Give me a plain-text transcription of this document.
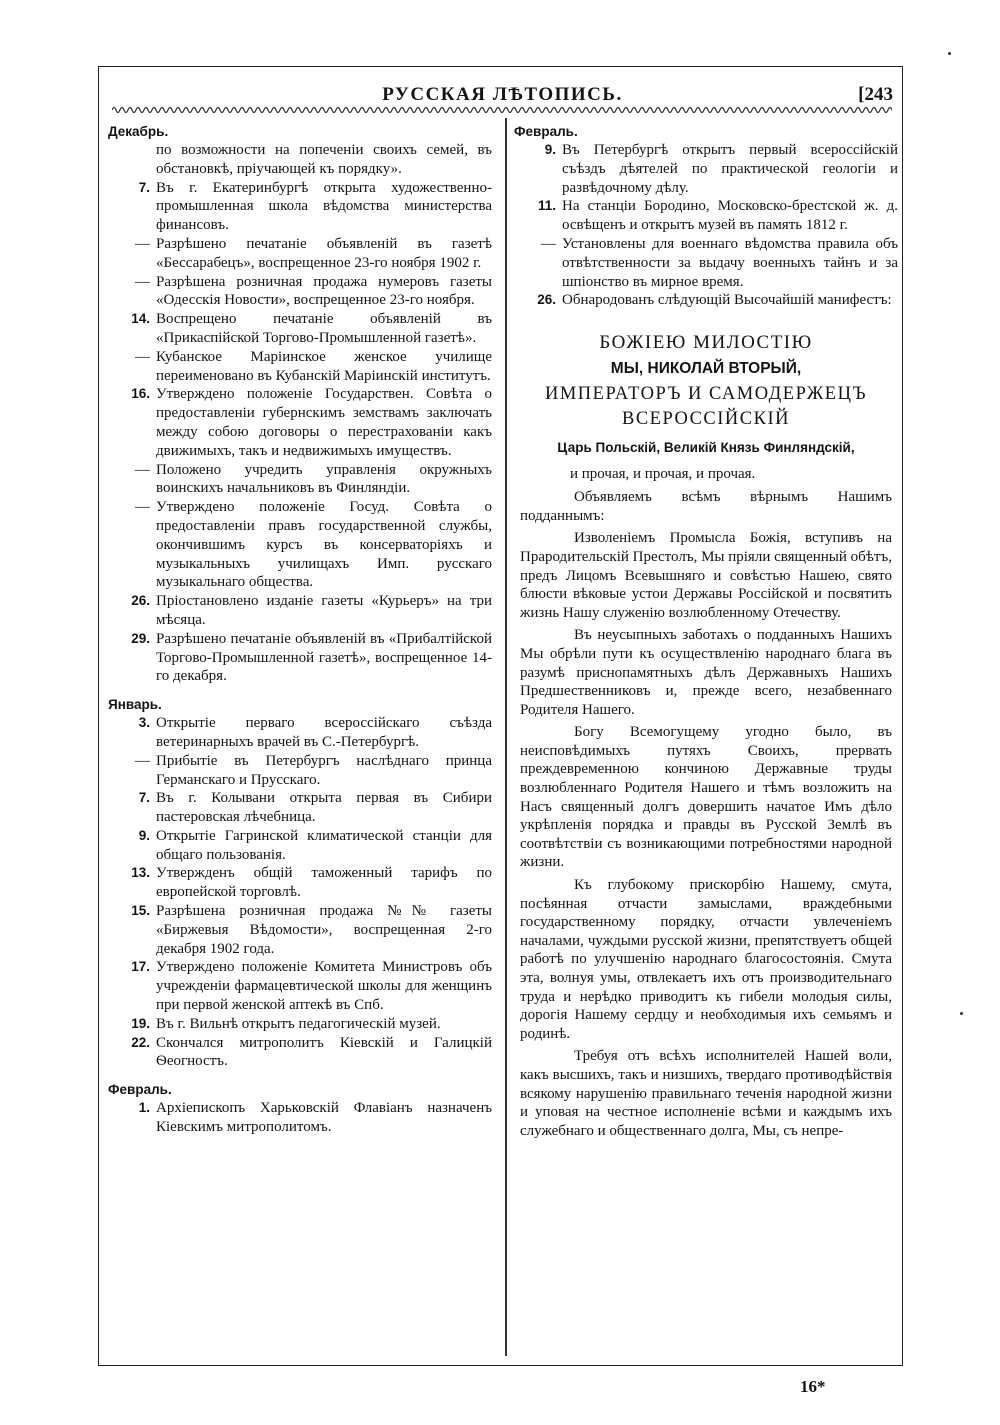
РУССКАЯ ЛѢТОПИСЬ.	[243
Декабрь.
по возможности на попеченіи своихъ семей, въ обстановкѣ, пріучающей къ порядку».
7. Въ г. Екатеринбургѣ открыта художественно-промышленная школа вѣдомства министерства финансовъ.
— Разрѣшено печатаніе объявленій въ газетѣ «Бессарабецъ», воспрещенное 23-го ноября 1902 г.
— Разрѣшена розничная продажа нумеровъ газеты «Одесскія Новости», воспрещенное 23-го ноября.
14. Воспрещено печатаніе объявленій въ «Прикаспійской Торгово-Промышленной газетѣ».
— Кубанское Маріинское женское училище переименовано въ Кубанскій Маріинскій институтъ.
16. Утверждено положеніе Государствен. Совѣта о предоставленіи губернскимъ земствамъ заключать между собою договоры о перестрахованіи какъ движимыхъ, такъ и недвижимыхъ имуществъ.
— Положено учредить управленія окружныхъ воинскихъ начальниковъ въ Финляндіи.
— Утверждено положеніе Госуд. Совѣта о предоставленіи правъ государственной службы, окончившимъ курсъ въ консерваторіяхъ и музыкальныхъ училищахъ Имп. русскаго музыкальнаго общества.
26. Пріостановлено изданіе газеты «Курьеръ» на три мѣсяца.
29. Разрѣшено печатаніе объявленій въ «Прибалтійской Торгово-Промышленной газетѣ», воспрещенное 14-го декабря.
Январь.
3. Открытіе перваго всероссійскаго съѣзда ветеринарныхъ врачей въ С.-Петербургѣ.
— Прибытіе въ Петербургъ наслѣднаго принца Германскаго и Прусскаго.
7. Въ г. Колывани открыта первая въ Сибири пастеровская лѣчебница.
9. Открытіе Гагринской климатической станціи для общаго пользованія.
13. Утвержденъ общій таможенный тарифъ по европейской торговлѣ.
15. Разрѣшена розничная продажа №№ газеты «Биржевыя Вѣдомости», воспрещенная 2-го декабря 1902 года.
17. Утверждено положеніе Комитета Министровъ объ учрежденіи фармацевтической школы для женщинъ при первой женской аптекѣ въ Спб.
19. Въ г. Вильнѣ открытъ педагогическій музей.
22. Скончался митрополитъ Кіевскій и Галицкій Ѳеогностъ.
Февраль.
1. Архіепископъ Харьковскій Флавіанъ назначенъ Кіевскимъ митрополитомъ.
Февраль.
9. Въ Петербургѣ открытъ первый всероссійскій съѣздъ дѣятелей по практической геологіи и развѣдочному дѣлу.
11. На станціи Бородино, Московско-брестской ж. д. освѣщенъ и открытъ музей въ память 1812 г.
— Установлены для военнаго вѣдомства правила объ отвѣтственности за выдачу военныхъ тайнъ и за шпіонство въ мирное время.
26. Обнародованъ слѣдующій Высочайшій манифестъ:
БОЖІЕЮ МИЛОСТІЮ
МЫ, НИКОЛАЙ ВТОРЫЙ,
ИМПЕРАТОРЪ И САМОДЕРЖЕЦЪ ВСЕРОССІЙСКІЙ
Царь Польскій, Великій Князь Финляндскій,
и прочая, и прочая, и прочая.
Объявляемъ всѣмъ вѣрнымъ Нашимъ подданнымъ:
Изволеніемъ Промысла Божія, вступивъ на Прародительскій Престолъ, Мы пріяли священный обѣтъ, предъ Лицомъ Всевышняго и совѣстью Нашею, свято блюсти вѣковые устои Державы Россійской и посвятить жизнь Нашу служенію возлюбленному Отечеству.
Въ неусыпныхъ заботахъ о подданныхъ Нашихъ Мы обрѣли пути къ осуществленію народнаго блага въ разумѣ приснопамятныхъ дѣлъ Державныхъ Нашихъ Предшественниковъ и, прежде всего, незабвеннаго Родителя Нашего.
Богу Всемогущему угодно было, въ неисповѣдимыхъ путяхъ Своихъ, прервать преждевременною кончиною Державные труды возлюбленнаго Родителя Нашего и тѣмъ возложить на Насъ священный долгъ довершить начатое Имъ дѣло укрѣпленія порядка и правды въ Русской Землѣ въ соотвѣтствіи съ возникающими потребностями народной жизни.
Къ глубокому прискорбію Нашему, смута, посѣянная отчасти замыслами, враждебными государственному порядку, отчасти увлеченіемъ началами, чуждыми русской жизни, препятствуетъ общей работѣ по улучшенію народнаго благосостоянія. Смута эта, волнуя умы, отвлекаетъ ихъ отъ производительнаго труда и нерѣдко приводитъ къ гибели молодыя силы, дорогія Нашему сердцу и необходимыя ихъ семьямъ и родинѣ.
Требуя отъ всѣхъ исполнителей Нашей воли, какъ высшихъ, такъ и низшихъ, твердаго противодѣйствія всякому нарушенію правильнаго теченія народной жизни и уповая на честное исполненіе всѣми и каждымъ ихъ служебнаго и общественнаго долга, Мы, съ непре-
16*
